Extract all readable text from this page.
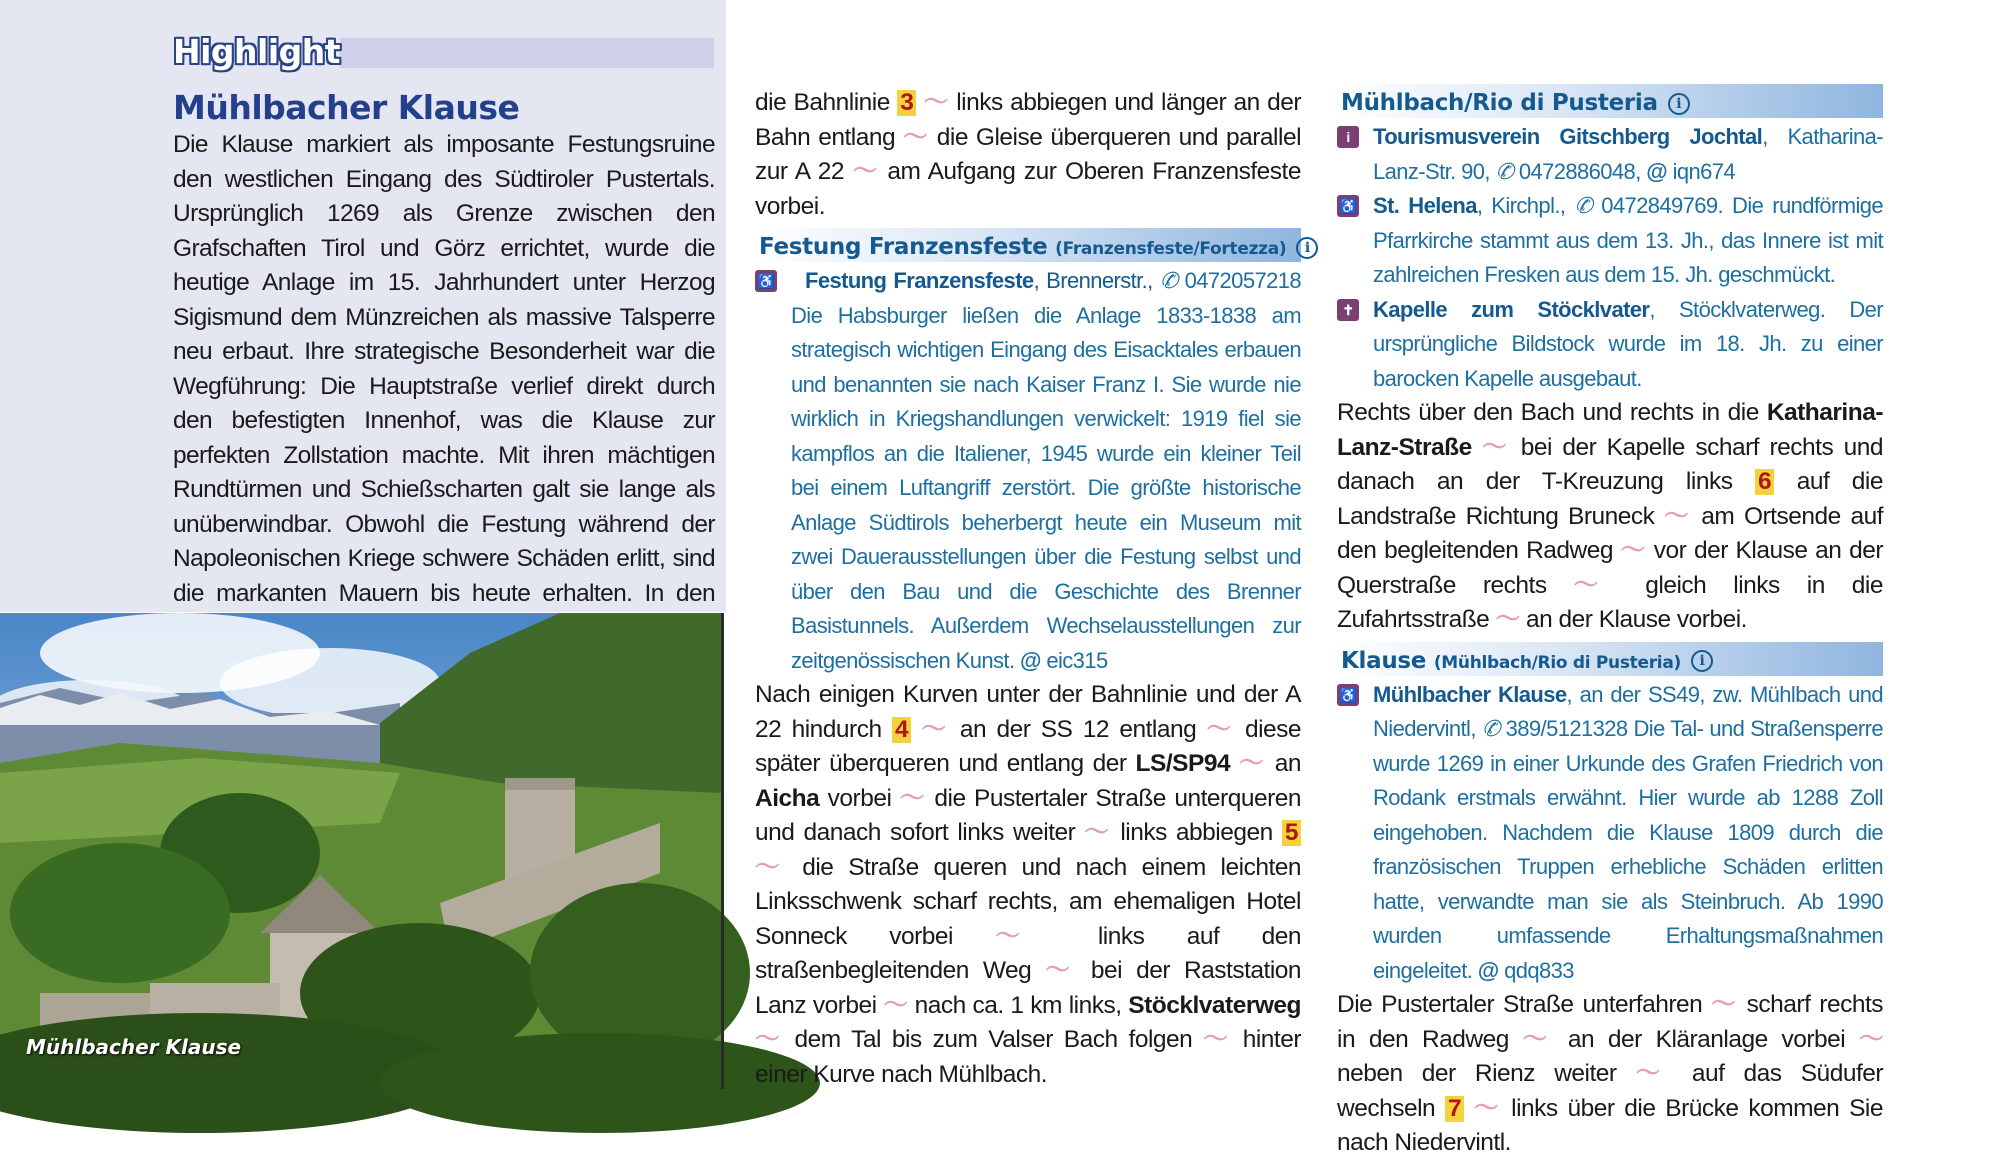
Highlight
Mühlbacher Klause
Die Klause markiert als imposante Festungsruine den westlichen Eingang des Südtiroler Pustertals. Ursprünglich 1269 als Grenze zwischen den Grafschaften Tirol und Görz errichtet, wurde die heutige Anlage im 15. Jahrhundert unter Herzog Sigismund dem Münzreichen als massive Talsperre neu erbaut. Ihre strategische Besonderheit war die Wegführung: Die Hauptstraße verlief direkt durch den befestigten Innenhof, was die Klause zur perfekten Zollstation machte. Mit ihren mächtigen Rundtürmen und Schießscharten galt sie lange als unüberwindbar. Obwohl die Festung während der Napoleonischen Kriege schwere Schäden erlitt, sind die markanten Mauern bis heute erhalten. In den
Mühlbacher Klause

die Bahnlinie 3 〜 links abbiegen und länger an der Bahn entlang 〜 die Gleise überqueren und parallel zur A 22 〜 am Aufgang zur Oberen Franzensfeste vorbei.

Festung Franzensfeste (Franzensfeste/Fortezza) i
♿ Festung Franzensfeste, Brennerstr., ✆ 0472057218 Die Habsburger ließen die Anlage 1833-1838 am strategisch wichtigen Eingang des Eisacktales erbauen und benannten sie nach Kaiser Franz I. Sie wurde nie wirklich in Kriegshandlungen verwickelt: 1919 fiel sie kampflos an die Italiener, 1945 wurde ein kleiner Teil bei einem Luftangriff zerstört. Die größte historische Anlage Südtirols beherbergt heute ein Museum mit zwei Dauerausstellungen über die Festung selbst und über den Bau und die Geschichte des Brenner Basistunnels. Außerdem Wechselausstellungen zur zeitgenössischen Kunst. @ eic315

Nach einigen Kurven unter der Bahnlinie und der A 22 hindurch 4 〜 an der SS 12 entlang 〜 diese später überqueren und entlang der LS/SP94 〜 an Aicha vorbei 〜 die Pustertaler Straße unterqueren und danach sofort links weiter 〜 links abbiegen 5 〜 die Straße queren und nach einem leichten Linksschwenk scharf rechts, am ehemaligen Hotel Sonneck vorbei 〜 links auf den straßenbegleitenden Weg 〜 bei der Raststation Lanz vorbei 〜 nach ca. 1 km links, Stöcklvaterweg 〜 dem Tal bis zum Valser Bach folgen 〜 hinter einer Kurve nach Mühlbach.

Mühlbach/Rio di Pusteria i
i	Tourismusverein Gitschberg Jochtal, Katharina-Lanz-Str. 90, ✆ 0472886048, @ iqn674
♿ St. Helena, Kirchpl., ✆ 0472849769. Die rundförmige Pfarrkirche stammt aus dem 13. Jh., das Innere ist mit zahlreichen Fresken aus dem 15. Jh. geschmückt.
✝ Kapelle zum Stöcklvater, Stöcklvaterweg. Der ursprüngliche Bildstock wurde im 18. Jh. zu einer barocken Kapelle ausgebaut.

Rechts über den Bach und rechts in die Katharina-Lanz-Straße 〜 bei der Kapelle scharf rechts und danach an der T-Kreuzung links 6 auf die Landstraße Richtung Bruneck 〜 am Ortsende auf den begleitenden Radweg 〜 vor der Klause an der Querstraße rechts 〜 gleich links in die Zufahrtsstraße 〜 an der Klause vorbei.

Klause (Mühlbach/Rio di Pusteria) i
♿ Mühlbacher Klause, an der SS49, zw. Mühlbach und Niedervintl, ✆ 389/5121328 Die Tal- und Straßensperre wurde 1269 in einer Urkunde des Grafen Friedrich von Rodank erstmals erwähnt. Hier wurde ab 1288 Zoll eingehoben. Nachdem die Klause 1809 durch die französischen Truppen erhebliche Schäden erlitten hatte, verwandte man sie als Steinbruch. Ab 1990 wurden umfassende Erhaltungsmaßnahmen eingeleitet. @ qdq833

Die Pustertaler Straße unterfahren 〜 scharf rechts in den Radweg 〜 an der Kläranlage vorbei 〜 neben der Rienz weiter 〜 auf das Südufer wechseln 7 〜 links über die Brücke kommen Sie nach Niedervintl.
